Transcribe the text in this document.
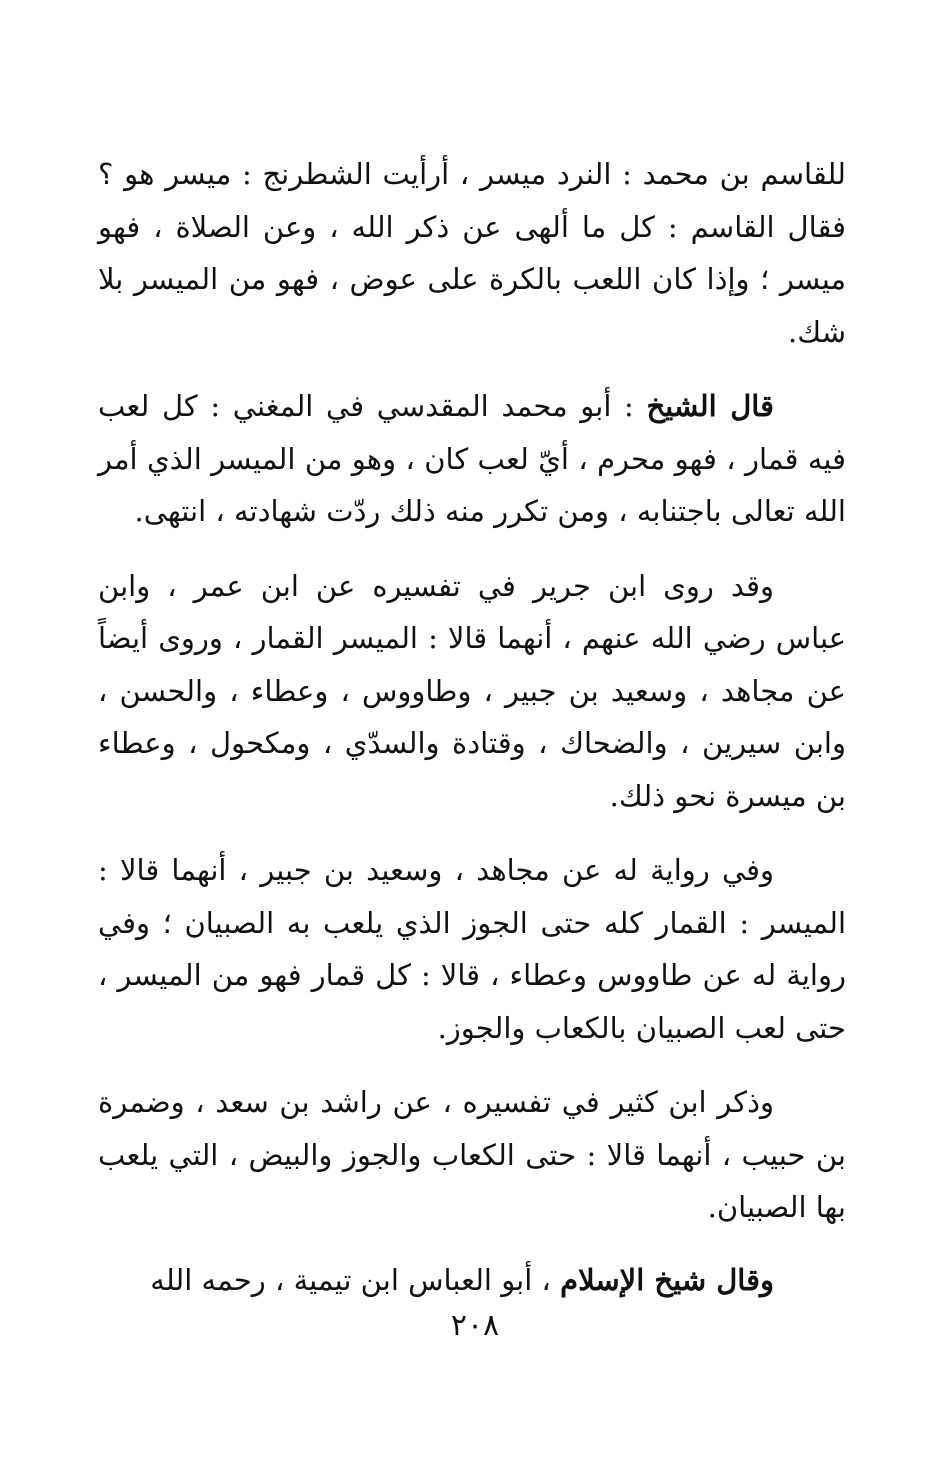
للقاسم بن محمد : النرد ميسر ، أرأيت الشطرنج : ميسر هو ؟ فقال القاسم : كل ما ألهى عن ذكر الله ، وعن الصلاة ، فهو ميسر ؛ وإذا كان اللعب بالكرة على عوض ، فهو من الميسر بلا شك.

قال الشيخ : أبو محمد المقدسي في المغني : كل لعب فيه قمار ، فهو محرم ، أيّ لعب كان ، وهو من الميسر الذي أمر الله تعالى باجتنابه ، ومن تكرر منه ذلك ردّت شهادته ، انتهى.

وقد روى ابن جرير في تفسيره عن ابن عمر ، وابن عباس رضي الله عنهم ، أنهما قالا : الميسر القمار ، وروى أيضاً عن مجاهد ، وسعيد بن جبير ، وطاووس ، وعطاء ، والحسن ، وابن سيرين ، والضحاك ، وقتادة والسدّي ، ومكحول ، وعطاء بن ميسرة نحو ذلك.

وفي رواية له عن مجاهد ، وسعيد بن جبير ، أنهما قالا : الميسر : القمار كله حتى الجوز الذي يلعب به الصبيان ؛ وفي رواية له عن طاووس وعطاء ، قالا : كل قمار فهو من الميسر ، حتى لعب الصبيان بالكعاب والجوز.

وذكر ابن كثير في تفسيره ، عن راشد بن سعد ، وضمرة بن حبيب ، أنهما قالا : حتى الكعاب والجوز والبيض ، التي يلعب بها الصبيان.

وقال شيخ الإسلام ، أبو العباس ابن تيمية ، رحمه الله

٢٠٨
